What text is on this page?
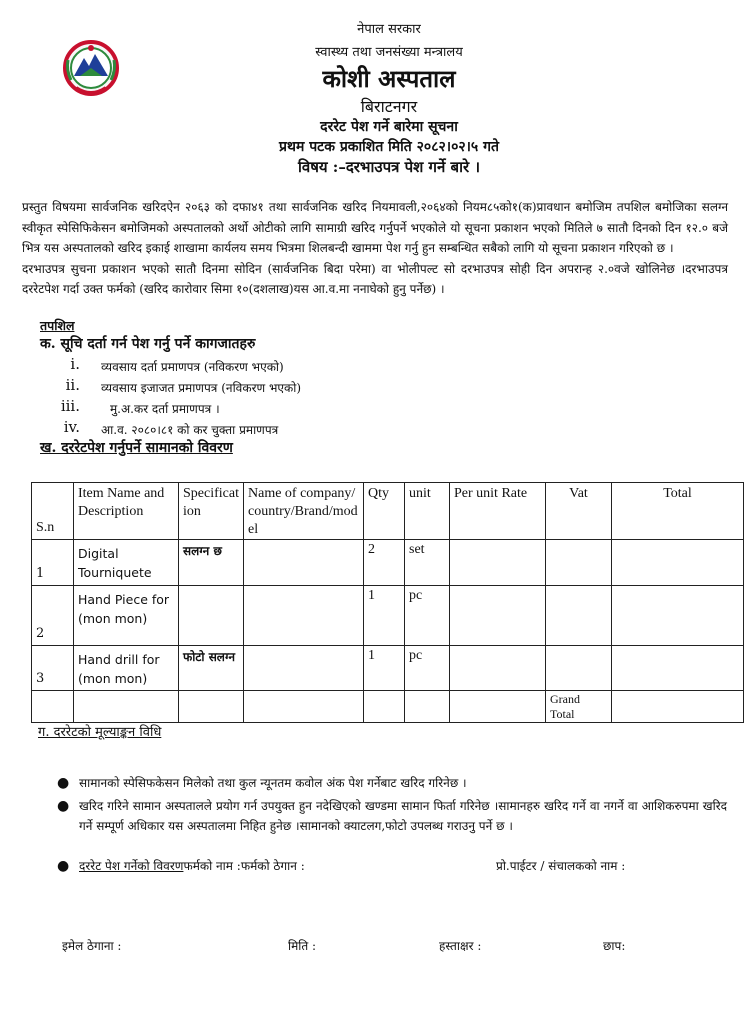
नेपाल सरकार
स्वास्थ्य तथा जनसंख्या मन्त्रालय
कोशी अस्पताल
बिराटनगर
दररेट पेश गर्ने बारेमा सूचना
प्रथम पटक प्रकाशित मिति २०८२।०२।५ गते
विषय :–दरभाउपत्र पेश गर्ने बारे ।

प्रस्तुत विषयमा सार्वजनिक खरिदऐन २०६३ को दफा४१ तथा सार्वजनिक खरिद नियमावली,२०६४को नियम८५को१(क)प्रावधान बमोजिम तपशिल बमोजिका सलग्न स्वीकृत स्पेसिफिकेसन बमोजिमको अस्पतालको अर्थो ओटीको लागि सामाग्री खरिद गर्नुपर्ने भएकोले यो सूचना प्रकाशन भएको मितिले ७ सातौ दिनको दिन १२.० बजे भित्र यस अस्पतालको खरिद इकाई शाखामा कार्यलय समय भित्रमा शिलबन्दी खाममा पेश गर्नु हुन सम्बन्धित सबैको लागि यो सूचना प्रकाशन गरिएको छ ।

दरभाउपत्र सुचना प्रकाशन भएको सातौ दिनमा सोदिन (सार्वजनिक बिदा परेमा) वा भोलीपल्ट सो दरभाउपत्र सोही दिन अपरान्ह २.०वजे खोलिनेछ ।दरभाउपत्र दररेटपेश गर्दा उक्त फर्मको (खरिद कारोवार सिमा १०(दशलाख)यस आ.व.मा ननाघेको हुनु पर्नेछ) ।

तपशिल
क. सूचि दर्ता गर्न पेश गर्नु पर्ने कागजातहरु
i. व्यवसाय दर्ता प्रमाणपत्र (नविकरण भएको)
ii. व्यवसाय इजाजत प्रमाणपत्र (नविकरण भएको)
iii.	मु.अ.कर दर्ता प्रमाणपत्र ।
iv. आ.व. २०८०।८१ को कर चुक्ता प्रमाणपत्र
ख. दररेटपेश गर्नुपर्ने सामानको विवरण
S.n	Item Name and Description	Specification	Name of company/country/Brand/model	Qty	unit	Per unit Rate	Vat	Total
1	Digital Tourniquete	सलग्न छ		2	set			
2	Hand Piece for (mon mon)			1	pc			
3	Hand drill for (mon mon)	फोटो सलग्न		1	pc			
							Grand Total	
ग. दररेटको मूल्याङ्कन विधि
● सामानको स्पेसिफकेसन मिलेको तथा कुल न्यूनतम कवोल अंक पेश गर्नेबाट खरिद गरिनेछ ।
● खरिद गरिने सामान अस्पतालले प्रयोग गर्न उपयुक्त हुन नदेखिएको खण्डमा सामान फिर्ता गरिनेछ ।सामानहरु खरिद गर्ने वा नगर्ने वा आशिकरुपमा खरिद गर्ने सम्पूर्ण अधिकार यस अस्पतालमा निहित हुनेछ ।सामानको क्याटलग,फोटो उपलब्ध गराउनु पर्ने छ ।
● दररेट पेश गर्नेको विवरणफर्मको नाम :फर्मको ठेगान :	प्रो.पाईटर / संचालकको नाम :
इमेल ठेगाना :	मिति :	हस्ताक्षर :	छाप:
